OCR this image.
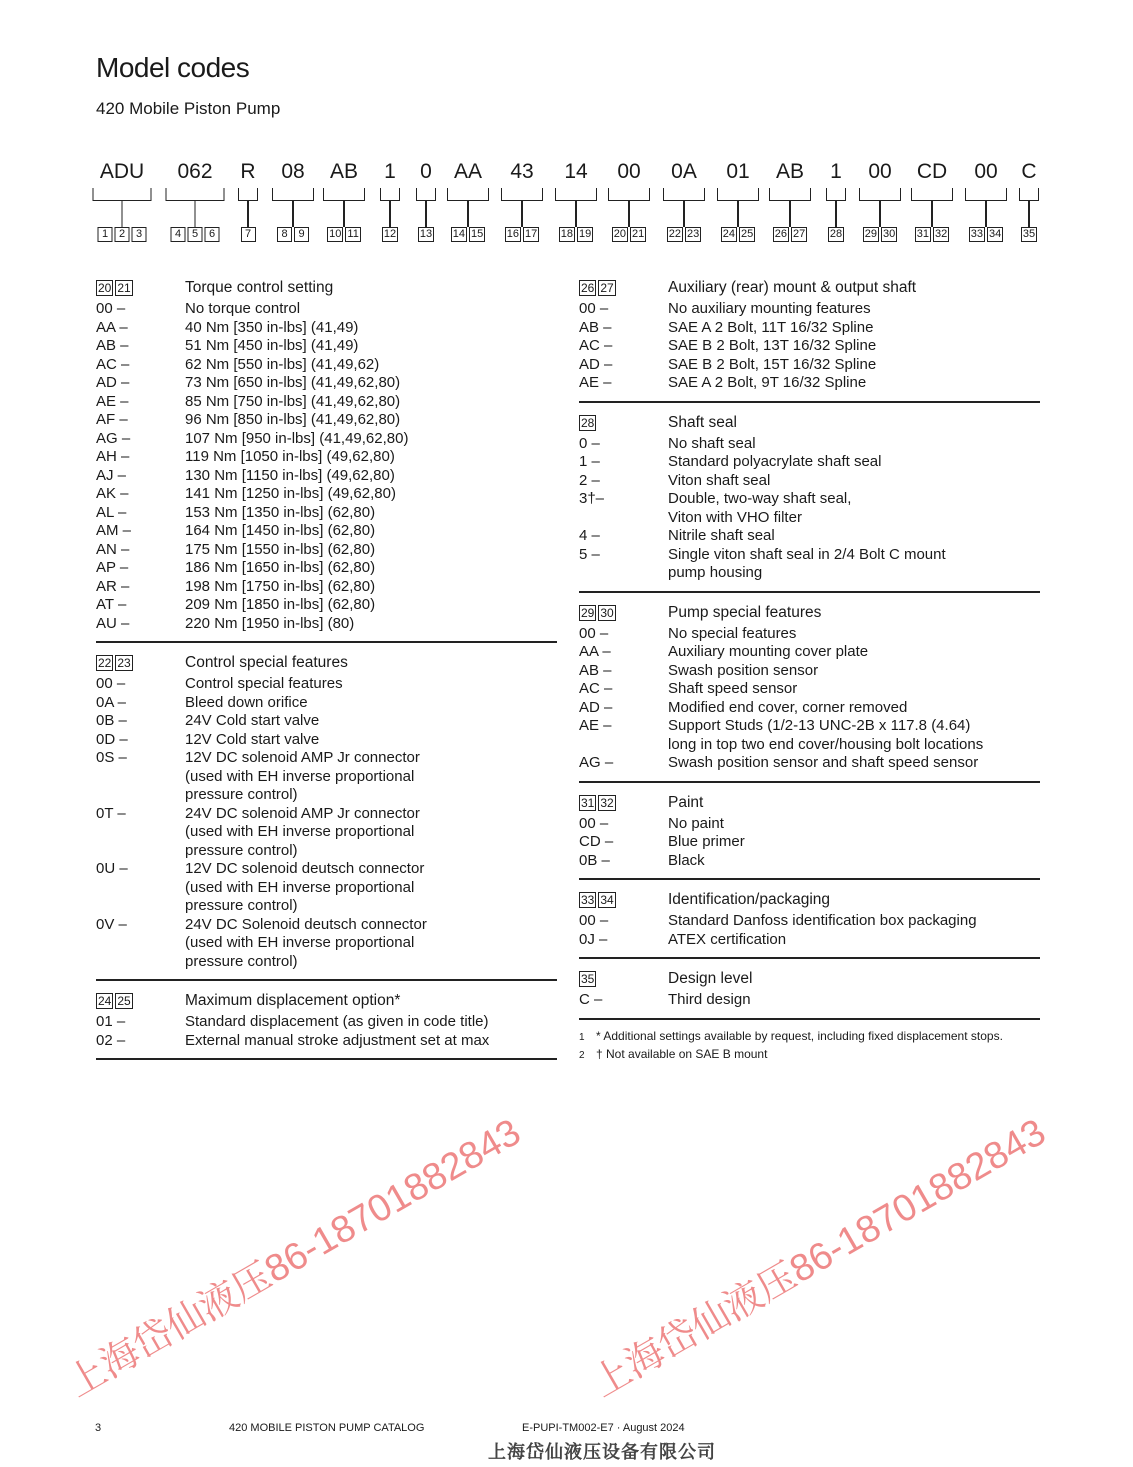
Model codes
420 Mobile Piston Pump
ADU
1 2 3
062
4 5 6
R
7
08
8 9
AB
10 11
1
12
0
13
AA
14 15
43
16 17
14
18 19
00
20 21
0A
22 23
01
24 25
AB
26 27
1
28
00
29 30
CD
31 32
00
33 34
C
35
20 21	Torque control setting
00 –	No torque control
AA –	40 Nm [350 in-lbs] (41,49)
AB –	51 Nm [450 in-lbs] (41,49)
AC –	62 Nm [550 in-lbs] (41,49,62)
AD –	73 Nm [650 in-lbs] (41,49,62,80)
AE –	85 Nm [750 in-lbs] (41,49,62,80)
AF –	96 Nm [850 in-lbs] (41,49,62,80)
AG –	107 Nm [950 in-lbs] (41,49,62,80)
AH –	119 Nm [1050 in-lbs] (49,62,80)
AJ –	130 Nm [1150 in-lbs] (49,62,80)
AK –	141 Nm [1250 in-lbs] (49,62,80)
AL –	153 Nm [1350 in-lbs] (62,80)
AM –	164 Nm [1450 in-lbs] (62,80)
AN –	175 Nm [1550 in-lbs] (62,80)
AP –	186 Nm [1650 in-lbs] (62,80)
AR –	198 Nm [1750 in-lbs] (62,80)
AT –	209 Nm [1850 in-lbs] (62,80)
AU –	220 Nm [1950 in-lbs] (80)
22 23	Control special features
00 –	Control special features
0A –	Bleed down orifice
0B –	24V Cold start valve
0D –	12V Cold start valve
0S –	12V DC solenoid AMP Jr connector
(used with EH inverse proportional
pressure control)
0T –	24V DC solenoid AMP Jr connector
(used with EH inverse proportional
pressure control)
0U –	12V DC solenoid deutsch connector
(used with EH inverse proportional
pressure control)
0V –	24V DC Solenoid deutsch connector
(used with EH inverse proportional
pressure control)
24 25	Maximum displacement option*
01 –	Standard displacement (as given in code title)
02 –	External manual stroke adjustment set at max
26 27	Auxiliary (rear) mount & output shaft
00 –	No auxiliary mounting features
AB –	SAE A 2 Bolt, 11T 16/32 Spline
AC –	SAE B 2 Bolt, 13T 16/32 Spline
AD –	SAE B 2 Bolt, 15T 16/32 Spline
AE –	SAE A 2 Bolt, 9T 16/32 Spline
28	Shaft seal
0 –	No shaft seal
1 –	Standard polyacrylate shaft seal
2 –	Viton shaft seal
3†–	Double, two-way shaft seal,
Viton with VHO filter
4 –	Nitrile shaft seal
5 –	Single viton shaft seal in 2/4 Bolt C mount
pump housing
29 30	Pump special features
00 –	No special features
AA –	Auxiliary mounting cover plate
AB –	Swash position sensor
AC –	Shaft speed sensor
AD –	Modified end cover, corner removed
AE –	Support Studs (1/2-13 UNC-2B x 117.8 (4.64)
long in top two end cover/housing bolt locations
AG –	Swash position sensor and shaft speed sensor
31 32	Paint
00 –	No paint
CD –	Blue primer
0B –	Black
33 34	Identification/packaging
00 –	Standard Danfoss identification box packaging
0J –	ATEX certification
35	Design level
C –	Third design
1 * Additional settings available by request, including fixed displacement stops.
2 † Not available on SAE B mount
3	420 MOBILE PISTON PUMP CATALOG	E-PUPI-TM002-E7 · August 2024
上海岱仙液压设备有限公司
上海岱仙液压86-18701882843 上海岱仙液压86-18701882843
